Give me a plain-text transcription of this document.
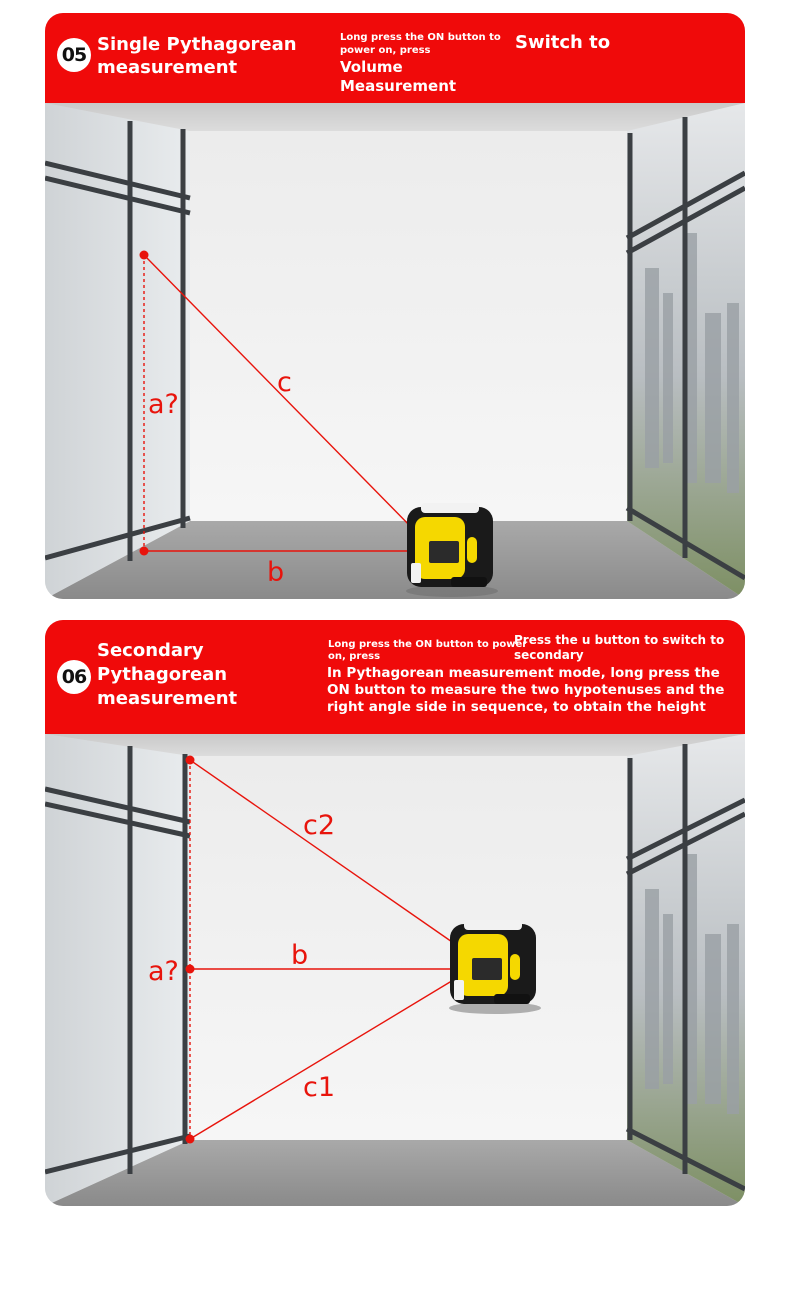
05 Single Pythagorean
measurement
Long press the ON button to
power on, press
Volume
Measurement
Switch to
a?
c
b
06
Secondary
Pythagorean
measurement
Long press the ON button to power
on, press
Press the u button to switch to
secondary
In Pythagorean measurement mode, long press the
ON button to measure the two hypotenuses and the
right angle side in sequence, to obtain the height
a?
b
c2
c1
